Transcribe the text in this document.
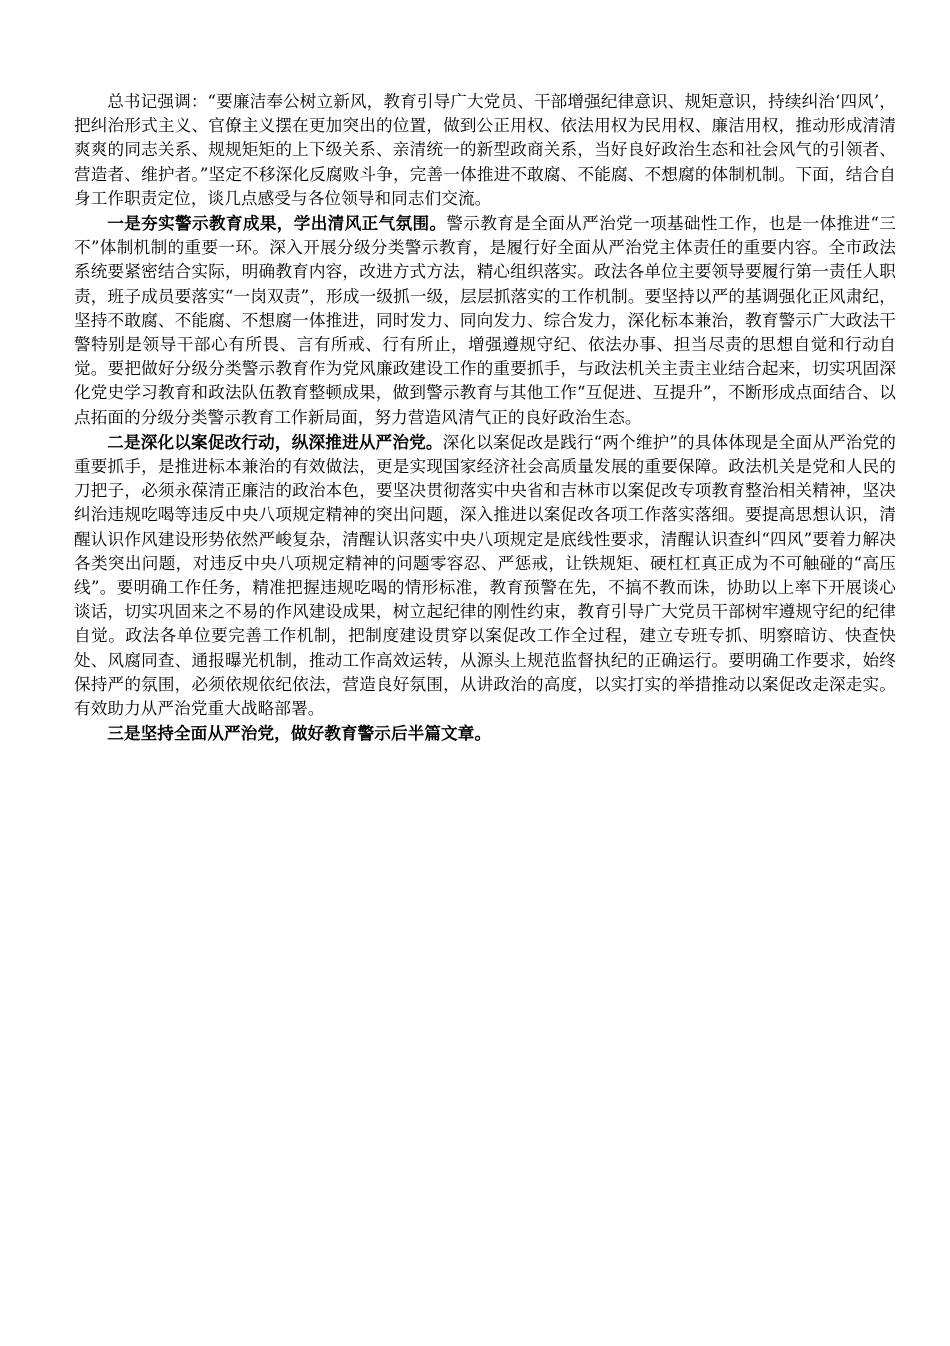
总书记强调：“要廉洁奉公树立新风，教育引导广大党员、干部增强纪律意识、规矩意识，持续纠治‘四风’，把纠治形式主义、官僚主义摆在更加突出的位置，做到公正用权、依法用权为民用权、廉洁用权，推动形成清清爽爽的同志关系、规规矩矩的上下级关系、亲清统一的新型政商关系，当好良好政治生态和社会风气的引领者、营造者、维护者。”坚定不移深化反腐败斗争，完善一体推进不敢腐、不能腐、不想腐的体制机制。下面，结合自身工作职责定位，谈几点感受与各位领导和同志们交流。

一是夯实警示教育成果，学出清风正气氛围。警示教育是全面从严治党一项基础性工作，也是一体推进“三不”体制机制的重要一环。深入开展分级分类警示教育，是履行好全面从严治党主体责任的重要内容。全市政法系统要紧密结合实际，明确教育内容，改进方式方法，精心组织落实。政法各单位主要领导要履行第一责任人职责，班子成员要落实“一岗双责”，形成一级抓一级，层层抓落实的工作机制。要坚持以严的基调强化正风肃纪，坚持不敢腐、不能腐、不想腐一体推进，同时发力、同向发力、综合发力，深化标本兼治，教育警示广大政法干警特别是领导干部心有所畏、言有所戒、行有所止，增强遵规守纪、依法办事、担当尽责的思想自觉和行动自觉。要把做好分级分类警示教育作为党风廉政建设工作的重要抓手，与政法机关主责主业结合起来，切实巩固深化党史学习教育和政法队伍教育整顿成果，做到警示教育与其他工作“互促进、互提升”，不断形成点面结合、以点拓面的分级分类警示教育工作新局面，努力营造风清气正的良好政治生态。

二是深化以案促改行动，纵深推进从严治党。深化以案促改是践行“两个维护”的具体体现是全面从严治党的重要抓手，是推进标本兼治的有效做法，更是实现国家经济社会高质量发展的重要保障。政法机关是党和人民的刀把子，必须永葆清正廉洁的政治本色，要坚决贯彻落实中央省和吉林市以案促改专项教育整治相关精神，坚决纠治违规吃喝等违反中央八项规定精神的突出问题，深入推进以案促改各项工作落实落细。要提高思想认识，清醒认识作风建设形势依然严峻复杂，清醒认识落实中央八项规定是底线性要求，清醒认识查纠“四风”要着力解决各类突出问题，对违反中央八项规定精神的问题零容忍、严惩戒，让铁规矩、硬杠杠真正成为不可触碰的“高压线”。要明确工作任务，精准把握违规吃喝的情形标准，教育预警在先，不搞不教而诛，协助以上率下开展谈心谈话，切实巩固来之不易的作风建设成果，树立起纪律的刚性约束，教育引导广大党员干部树牢遵规守纪的纪律自觉。政法各单位要完善工作机制，把制度建设贯穿以案促改工作全过程，建立专班专抓、明察暗访、快查快处、风腐同查、通报曝光机制，推动工作高效运转，从源头上规范监督执纪的正确运行。要明确工作要求，始终保持严的氛围，必须依规依纪依法，营造良好氛围，从讲政治的高度，以实打实的举措推动以案促改走深走实。有效助力从严治党重大战略部署。

三是坚持全面从严治党，做好教育警示后半篇文章。
